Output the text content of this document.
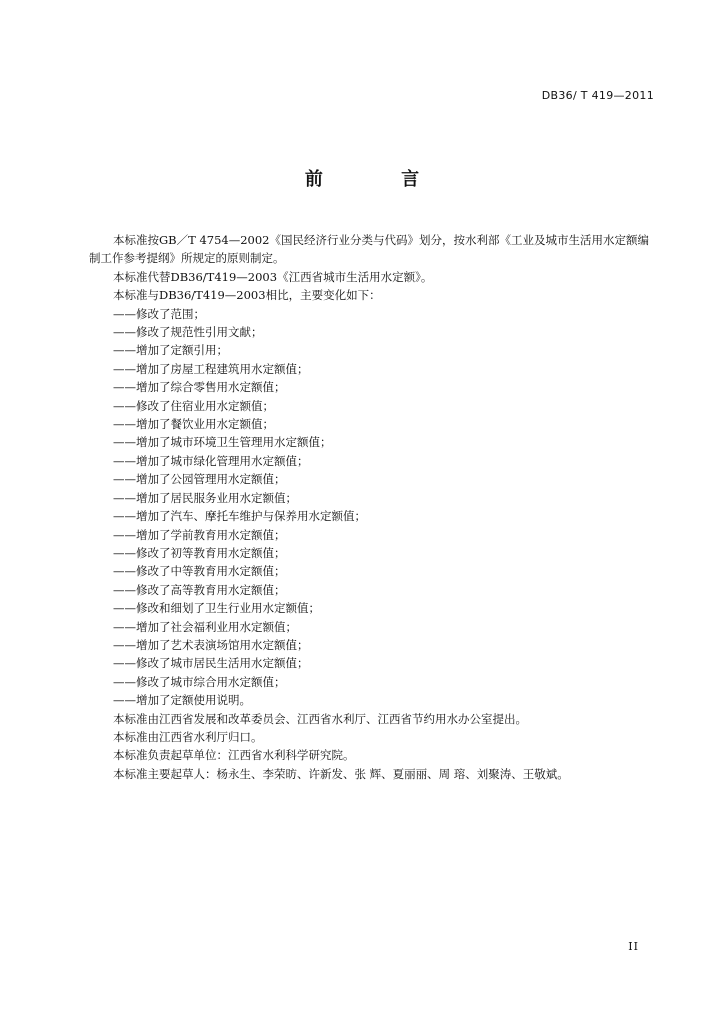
DB36/ T 419—2011
前 言
本标准按GB／T 4754—2002《国民经济行业分类与代码》划分，按水利部《工业及城市生活用水定额编制工作参考提纲》所规定的原则制定。
本标准代替DB36/T419—2003《江西省城市生活用水定额》。
本标准与DB36/T419—2003相比，主要变化如下：
——修改了范围；
——修改了规范性引用文献；
——增加了定额引用；
——增加了房屋工程建筑用水定额值；
——增加了综合零售用水定额值；
——修改了住宿业用水定额值；
——增加了餐饮业用水定额值；
——增加了城市环境卫生管理用水定额值；
——增加了城市绿化管理用水定额值；
——增加了公园管理用水定额值；
——增加了居民服务业用水定额值；
——增加了汽车、摩托车维护与保养用水定额值；
——增加了学前教育用水定额值；
——修改了初等教育用水定额值；
——修改了中等教育用水定额值；
——修改了高等教育用水定额值；
——修改和细划了卫生行业用水定额值；
——增加了社会福利业用水定额值；
——增加了艺术表演场馆用水定额值；
——修改了城市居民生活用水定额值；
——修改了城市综合用水定额值；
——增加了定额使用说明。
本标准由江西省发展和改革委员会、江西省水利厅、江西省节约用水办公室提出。
本标准由江西省水利厅归口。
本标准负责起草单位：江西省水利科学研究院。
本标准主要起草人：杨永生、李荣昉、许新发、张 辉、夏丽丽、周 瑢、刘聚涛、王敬斌。
II
